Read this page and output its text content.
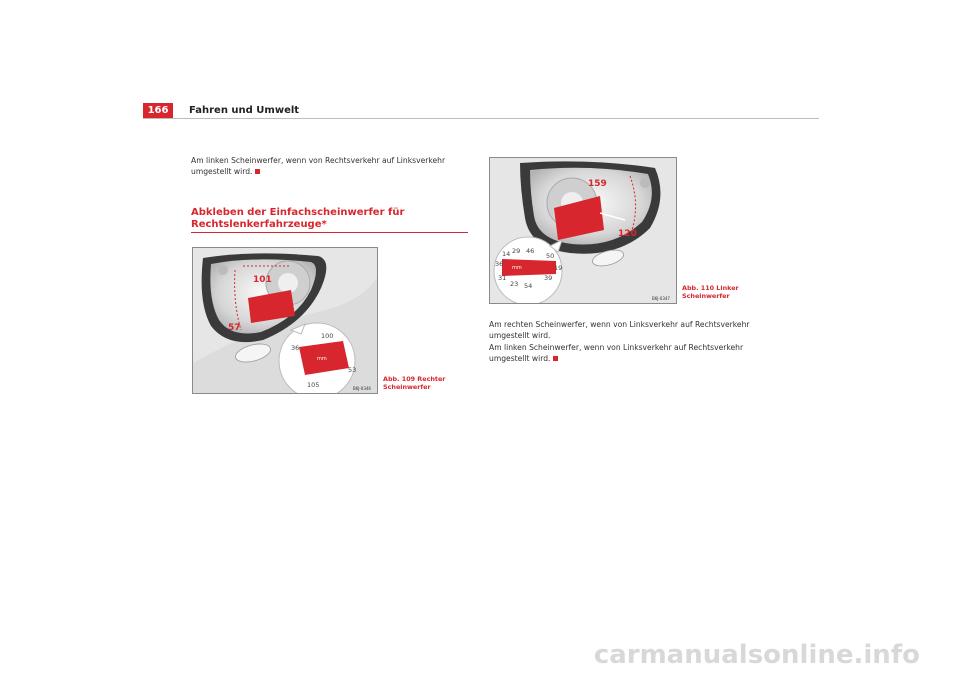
166	Fahren und Umwelt
Am linken Scheinwerfer, wenn von Rechtsverkehr auf Linksverkehr umgestellt wird.
Abkleben der Einfachscheinwerfer für Rechtslenkerfahrzeuge*
101
57
mm
100
36
53
105	B6J-0346
Abb. 109 Rechter Scheinwerfer
159
120
mm
14 29 46
50
36	19
31
23 54
39
B6J-0347
Abb. 110 Linker Scheinwerfer

Am rechten Scheinwerfer, wenn von Linksverkehr auf Rechtsverkehr umgestellt wird.

Am linken Scheinwerfer, wenn von Linksverkehr auf Rechtsverkehr umgestellt wird.

carmanualsonline.info
